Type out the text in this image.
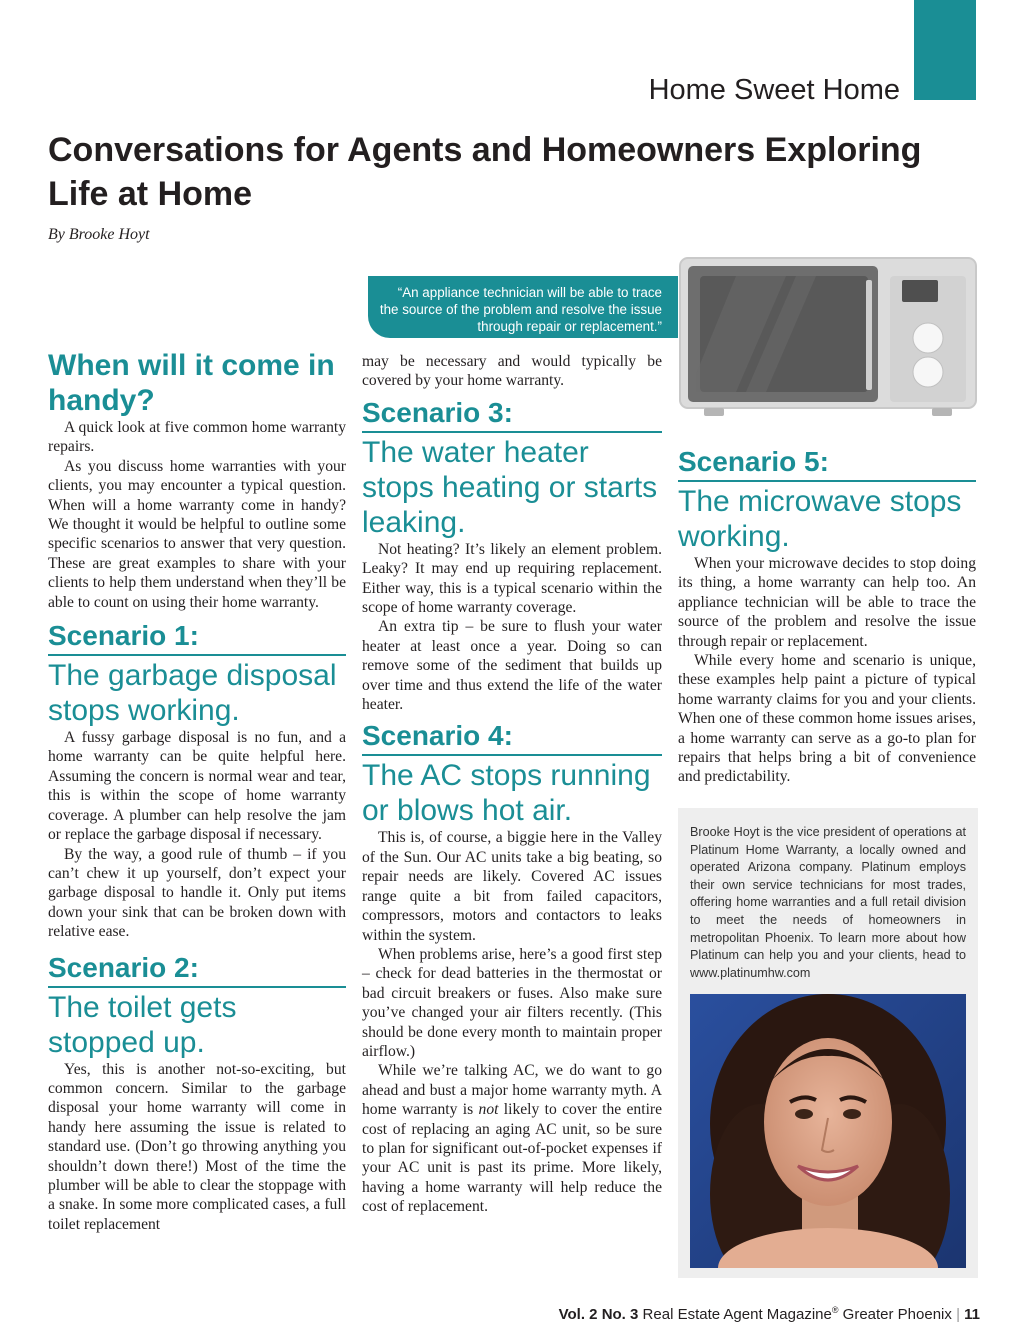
Home Sweet Home
Conversations for Agents and Homeowners Exploring Life at Home
By Brooke Hoyt
“An appliance technician will be able to trace the source of the problem and resolve the issue through repair or replacement.”
When will it come in handy?

A quick look at five common home warranty repairs.

As you discuss home warranties with your clients, you may encounter a typical question. When will a home warranty come in handy? We thought it would be helpful to outline some specific scenarios to answer that very question. These are great examples to share with your clients to help them understand when they’ll be able to count on using their home warranty.

Scenario 1:
The garbage disposal stops working.

A fussy garbage disposal is no fun, and a home warranty can be quite helpful here. Assuming the concern is normal wear and tear, this is within the scope of home warranty coverage. A plumber can help resolve the jam or replace the garbage disposal if necessary.

By the way, a good rule of thumb – if you can’t chew it up yourself, don’t expect your garbage disposal to handle it. Only put items down your sink that can be broken down with relative ease.

Scenario 2:
The toilet gets stopped up.

Yes, this is another not-so-exciting, but common concern. Similar to the garbage disposal your home warranty will come in handy here assuming the issue is related to standard use. (Don’t go throwing anything you shouldn’t down there!) Most of the time the plumber will be able to clear the stoppage with a snake. In some more complicated cases, a full toilet replacement

may be necessary and would typically be covered by your home warranty.

Scenario 3:
The water heater stops heating or starts leaking.

Not heating? It’s likely an element problem. Leaky? It may end up requiring replacement. Either way, this is a typical scenario within the scope of home warranty coverage.

An extra tip – be sure to flush your water heater at least once a year. Doing so can remove some of the sediment that builds up over time and thus extend the life of the water heater.

Scenario 4:
The AC stops running or blows hot air.

This is, of course, a biggie here in the Valley of the Sun. Our AC units take a big beating, so repair needs are likely. Covered AC issues range quite a bit from failed capacitors, compressors, motors and contactors to leaks within the system.

When problems arise, here’s a good first step – check for dead batteries in the thermostat or bad circuit breakers or fuses. Also make sure you’ve changed your air filters recently. (This should be done every month to maintain proper airflow.)

While we’re talking AC, we do want to go ahead and bust a major home warranty myth. A home warranty is not likely to cover the entire cost of replacing an aging AC unit, so be sure to plan for significant out-of-pocket expenses if your AC unit is past its prime. More likely, having a home warranty will help reduce the cost of replacement.

Scenario 5:
The microwave stops working.

When your microwave decides to stop doing its thing, a home warranty can help too. An appliance technician will be able to trace the source of the problem and resolve the issue through repair or replacement.

While every home and scenario is unique, these examples help paint a picture of typical home warranty claims for you and your clients. When one of these common home issues arises, a home warranty can serve as a go-to plan for repairs that helps bring a bit of convenience and predictability.

Brooke Hoyt is the vice president of operations at Platinum Home Warranty, a locally owned and operated Arizona company. Platinum employs their own service technicians for most trades, offering home warranties and a full retail division to meet the needs of homeowners in metropolitan Phoenix. To learn more about how Platinum can help you and your clients, head to www.platinumhw.com
Vol. 2 No. 3 Real Estate Agent Magazine® Greater Phoenix | 11
